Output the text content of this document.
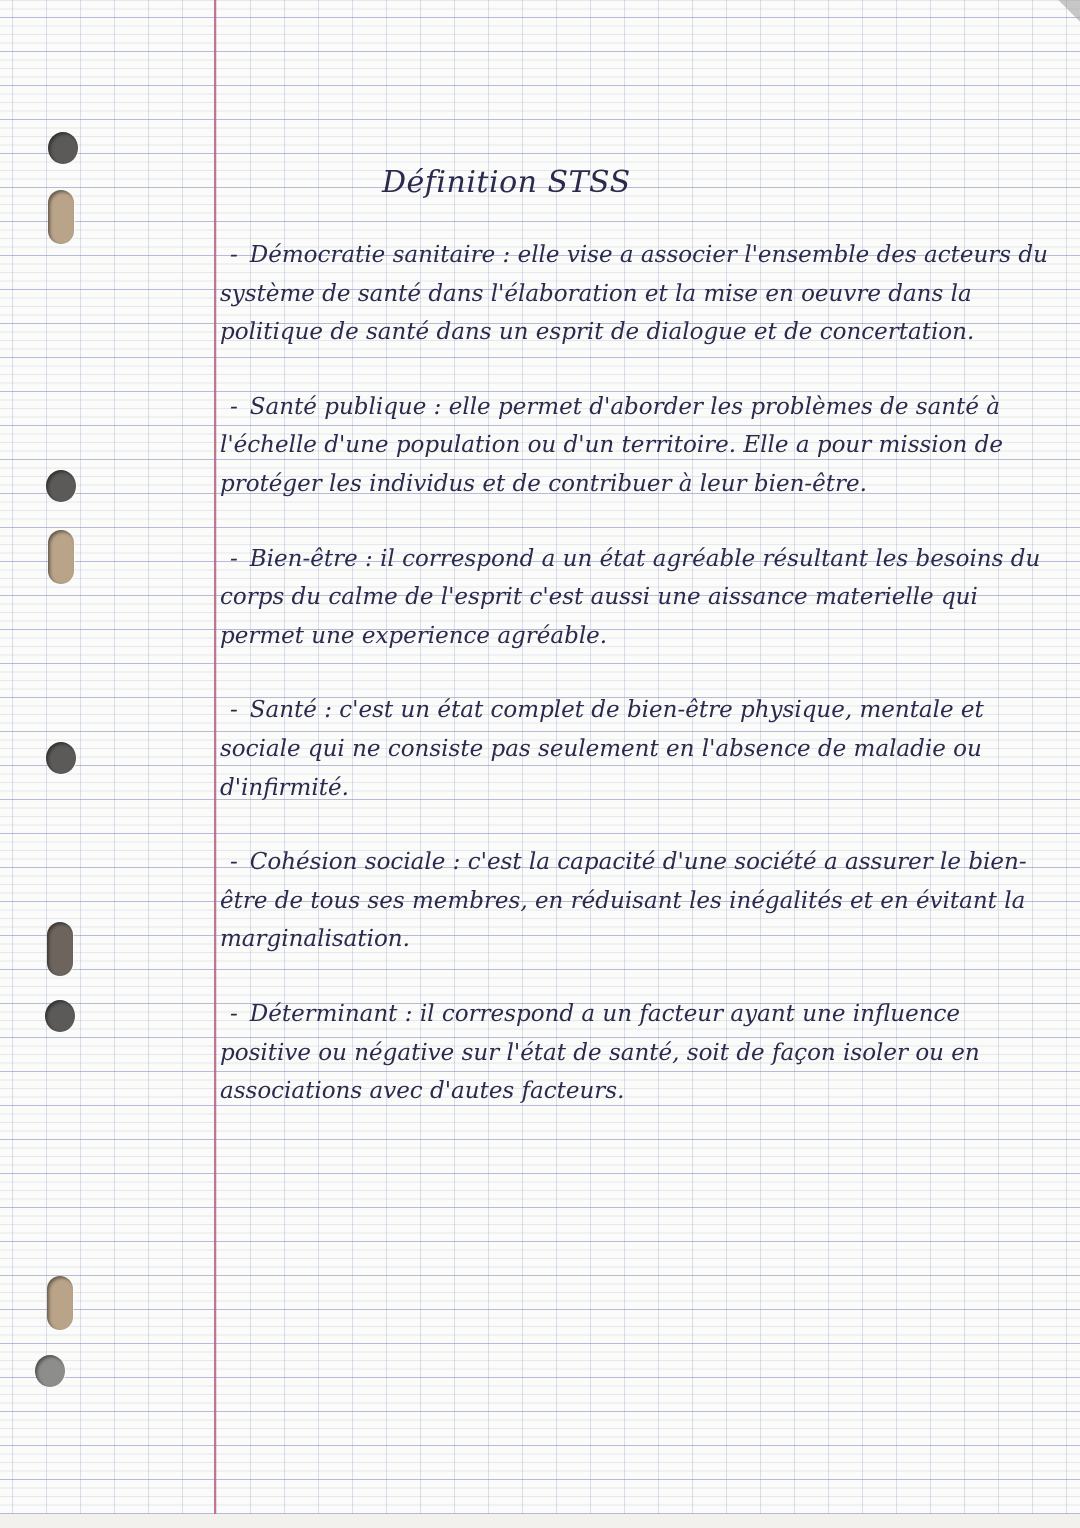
Définition STSS
- Démocratie sanitaire : elle vise a associer l'ensemble des acteurs du système de santé dans l'élaboration et la mise en oeuvre dans la politique de santé dans un esprit de dialogue et de concertation.
- Santé publique : elle permet d'aborder les problèmes de santé à l'échelle d'une population ou d'un territoire. Elle a pour mission de protéger les individus et de contribuer à leur bien-être.
- Bien-être : il correspond a un état agréable résultant les besoins du corps du calme de l'esprit c'est aussi une aissance materielle qui permet une experience agréable.
- Santé : c'est un état complet de bien-être physique, mentale et sociale qui ne consiste pas seulement en l'absence de maladie ou d'infirmité.
- Cohésion sociale : c'est la capacité d'une société a assurer le bien-être de tous ses membres, en réduisant les inégalités et en évitant la marginalisation.
- Déterminant : il correspond a un facteur ayant une influence positive ou négative sur l'état de santé, soit de façon isoler ou en associations avec d'autes facteurs.
